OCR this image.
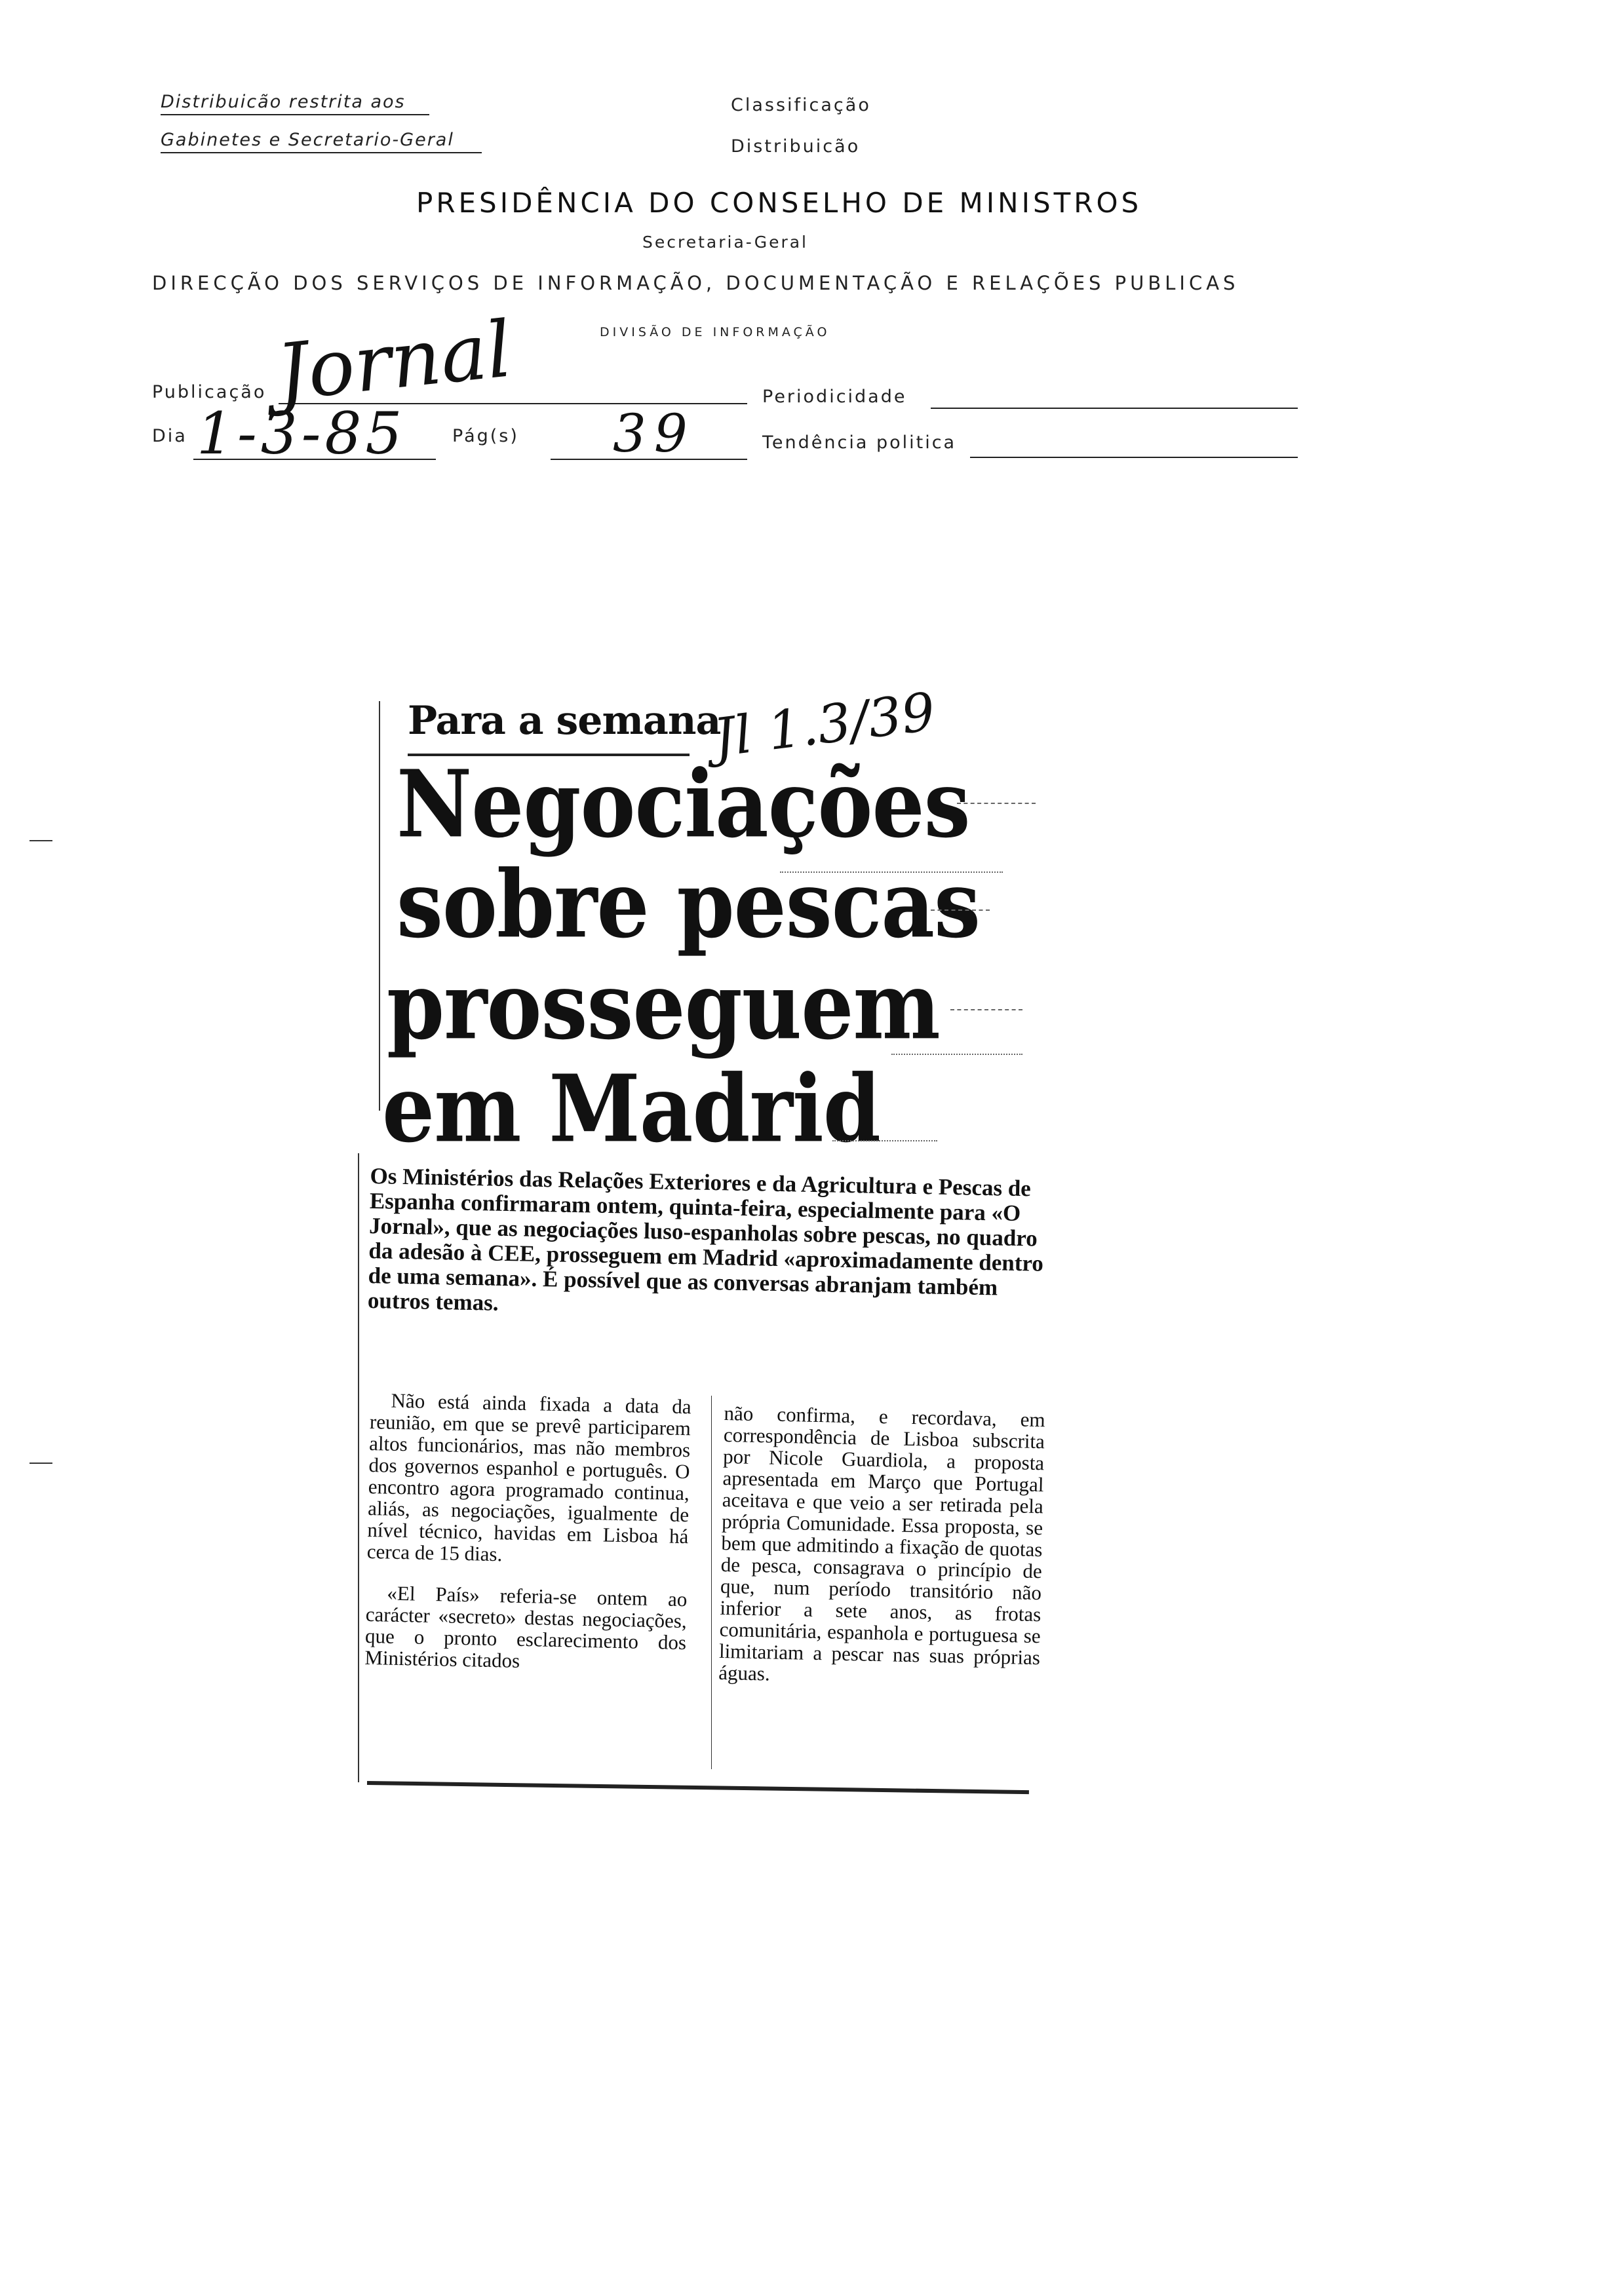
Distribuicão restrita aos
Gabinetes e Secretario-Geral
Classificação
Distribuicão
PRESIDÊNCIA DO CONSELHO DE MINISTROS
Secretaria-Geral
DIRECÇÃO DOS SERVIÇOS DE INFORMAÇÃO, DOCUMENTAÇÃO E RELAÇÕES PUBLICAS
DIVISÃO DE INFORMAÇÃO
Publicação Jornal	Periodicidade
Dia 1-3-85	Pág(s) 39	Tendência politica
Para a semana
Jl 1.3/39
Negociações
sobre pescas
prosseguem
em Madrid
Os Ministérios das Relações Exteriores e da Agricultura e Pescas de Espanha confirmaram ontem, quinta-feira, especialmente para «O Jornal», que as negociações luso-espanholas sobre pescas, no quadro da adesão à CEE, prosseguem em Madrid «aproximadamente dentro de uma semana». É possível que as conversas abranjam também outros temas.

Não está ainda fixada a data da reunião, em que se prevê participarem altos funcionários, mas não membros dos governos espanhol e português. O encontro agora programado continua, aliás, as negociações, igualmente de nível técnico, havidas em Lisboa há cerca de 15 dias.

«El País» referia-se ontem ao carácter «secreto» destas negociações, que o pronto esclarecimento dos Ministérios citados

não confirma, e recordava, em correspondência de Lisboa subscrita por Nicole Guardiola, a proposta apresentada em Março que Portugal aceitava e que veio a ser retirada pela própria Comunidade. Essa proposta, se bem que admitindo a fixação de quotas de pesca, consagrava o princípio de que, num período transitório não inferior a sete anos, as frotas comunitária, espanhola e portuguesa se limitariam a pescar nas suas próprias águas.
